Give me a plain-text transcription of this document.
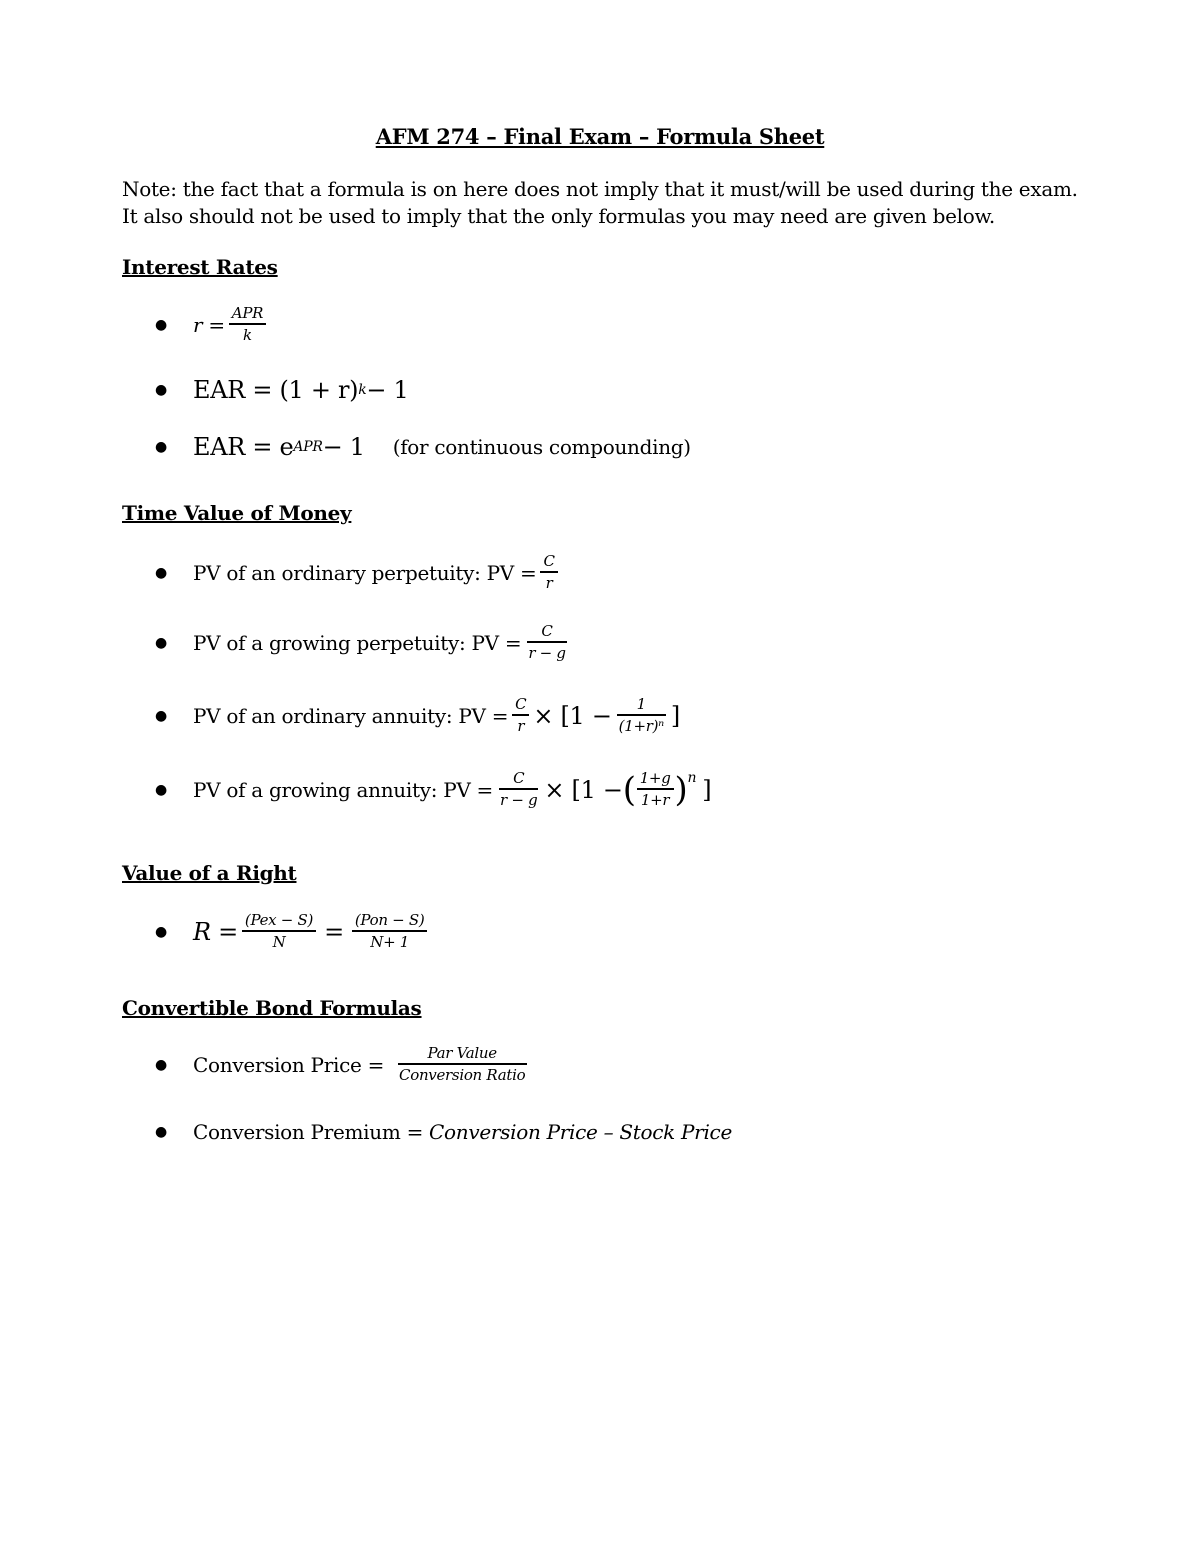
AFM 274 – Final Exam – Formula Sheet
Note: the fact that a formula is on here does not imply that it must/will be used during the exam. It also should not be used to imply that the only formulas you may need are given below.
Interest Rates
●	$r = \frac{\text{APR}}{k}$
●	EAR = (1 + r) k − 1
●	EAR = e APR − 1 (for continuous compounding)
Time Value of Money
●	PV of an ordinary perpetuity: PV = $\frac{C}{r}$
●	PV of a growing perpetuity: PV = $\frac{C}{r - g}$
●	PV of an ordinary annuity: PV = $\frac{C}{r} \times [1 - \frac{1}{\text{(1+r)ⁿ}}$ ]
●	PV of a growing annuity: PV = $\frac{C}{r - g} \times [1$ − ( $\frac{1+g}{1+r} )^n$ ]
Value of a Right
●	$R = \frac{\text{(Pex − S)}}{N} = \frac{\text{(Pon − S)}}{N+ 1}$
Convertible Bond Formulas
●	Conversion Price = $\frac{\text{Par Value}}{\text{Conversion Ratio}}$
●	Conversion Premium = Conversion Price – Stock Price
